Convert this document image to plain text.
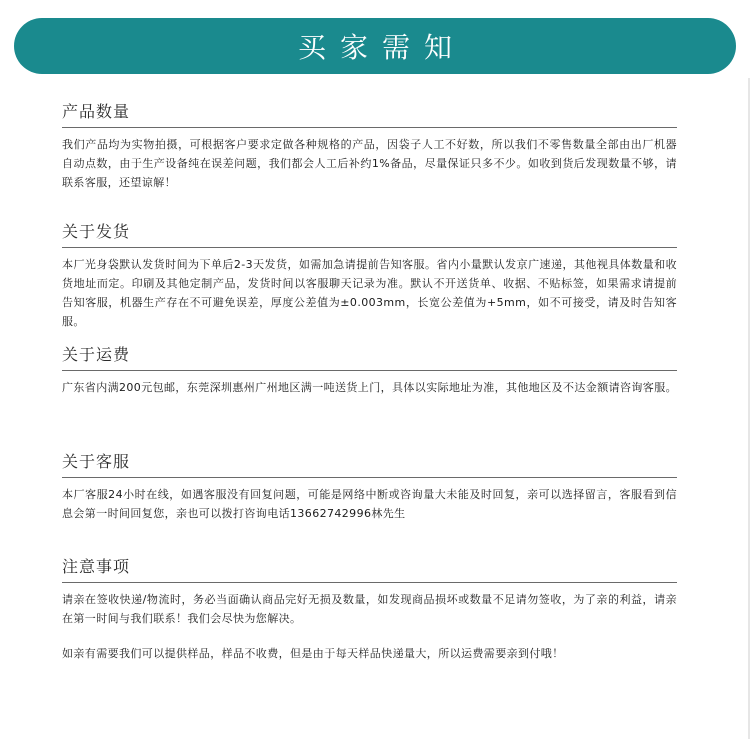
买家需知
产品数量

我们产品均为实物拍摄，可根据客户要求定做各种规格的产品，因袋子人工不好数，所以我们不零售数量全部由出厂机器自动点数，由于生产设备纯在误差问题，我们都会人工后补约1%备品，尽量保证只多不少。如收到货后发现数量不够，请联系客服，还望谅解！

关于发货

本厂光身袋默认发货时间为下单后2-3天发货，如需加急请提前告知客服。省内小量默认发京广速递，其他视具体数量和收货地址而定。印刷及其他定制产品，发货时间以客服聊天记录为准。默认不开送货单、收据、不贴标签，如果需求请提前告知客服，机器生产存在不可避免误差，厚度公差值为±0.003mm，长宽公差值为+5mm，如不可接受，请及时告知客服。

关于运费

广东省内满200元包邮，东莞深圳惠州广州地区满一吨送货上门，具体以实际地址为准，其他地区及不达金额请咨询客服。

关于客服

本厂客服24小时在线，如遇客服没有回复问题，可能是网络中断或咨询量大未能及时回复，亲可以选择留言，客服看到信息会第一时间回复您，亲也可以拨打咨询电话13662742996林先生

注意事项

请亲在签收快递/物流时，务必当面确认商品完好无损及数量，如发现商品损坏或数量不足请勿签收，为了亲的利益，请亲在第一时间与我们联系！我们会尽快为您解决。

如亲有需要我们可以提供样品，样品不收费，但是由于每天样品快递量大，所以运费需要亲到付哦！
